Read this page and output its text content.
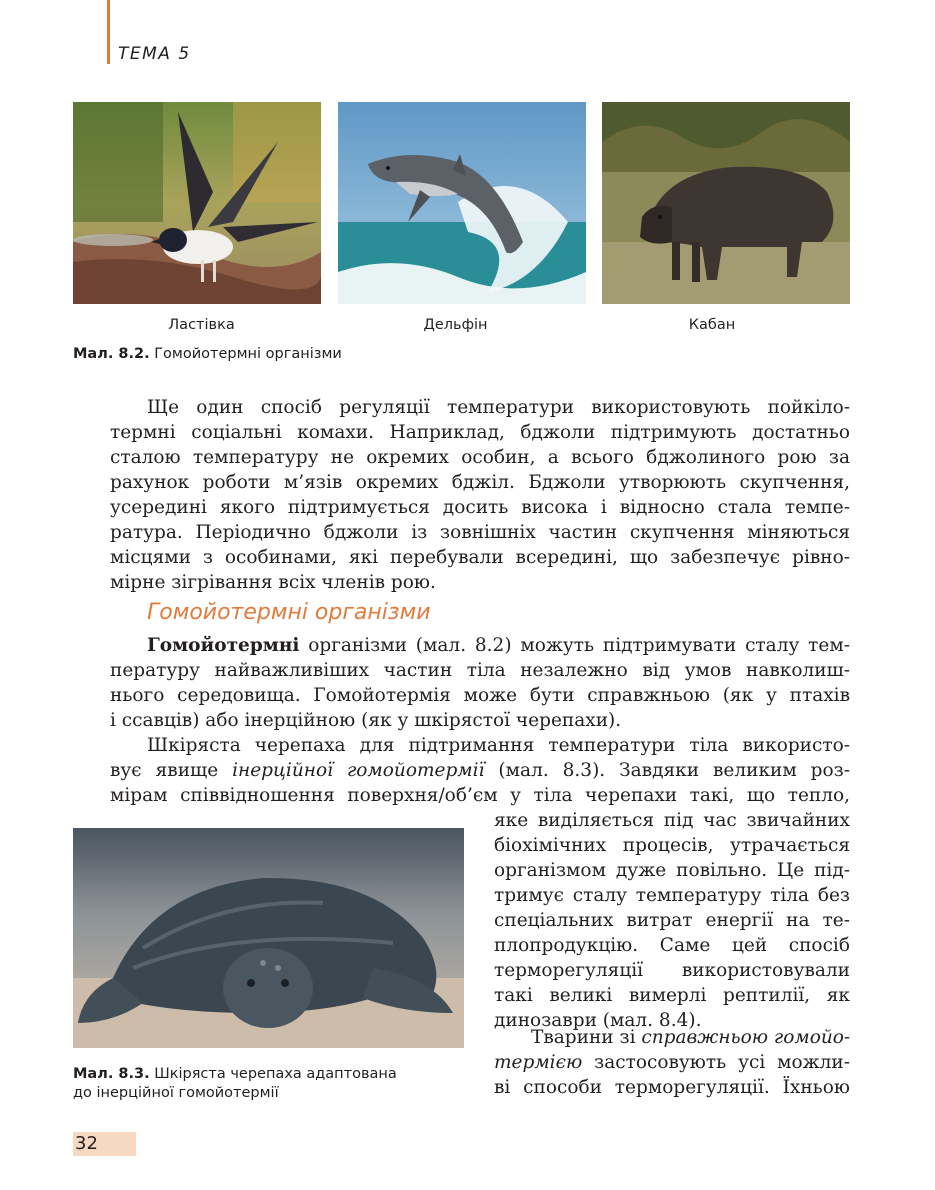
ТЕМА 5
Ластівка	Дельфін	Кабан
Мал. 8.2. Гомойотермні організми
Ще один спосіб регуляції температури використовують пойкіло-
термні соціальні комахи. Наприклад, бджоли підтримують достатньо
сталою температуру не окремих особин, а всього бджолиного рою за
рахунок роботи м’язів окремих бджіл. Бджоли утворюють скупчення,
усередині якого підтримується досить висока і відносно стала темпе-
ратура. Періодично бджоли із зовнішніх частин скупчення міняються
місцями з особинами, які перебували всередині, що забезпечує рівно-
мірне зігрівання всіх членів рою.
Гомойотермні організми
Гомойотермні організми (мал. 8.2) можуть підтримувати сталу тем-
пературу найважливіших частин тіла незалежно від умов навколиш-
нього середовища. Гомойотермія може бути справжньою (як у птахів
і ссавців) або інерційною (як у шкірястої черепахи).
Шкіряста черепаха для підтримання температури тіла використо-
вує явище інерційної гомойотермії (мал. 8.3). Завдяки великим роз-
мірам співвідношення поверхня/об’єм у тіла черепахи такі, що тепло,
яке виділяється під час звичайних
біохімічних процесів, утрачається
організмом дуже повільно. Це під-
тримує сталу температуру тіла без
спеціальних витрат енергії на те-
плопродукцію. Саме цей спосіб
терморегуляції використовували
такі великі вимерлі рептилії, як
динозаври (мал. 8.4).
Тварини зі справжньою гомойо-
термією застосовують усі можли-
ві способи терморегуляції. Їхньою
Мал. 8.3. Шкіряста черепаха адаптована
до інерційної гомойотермії
32
